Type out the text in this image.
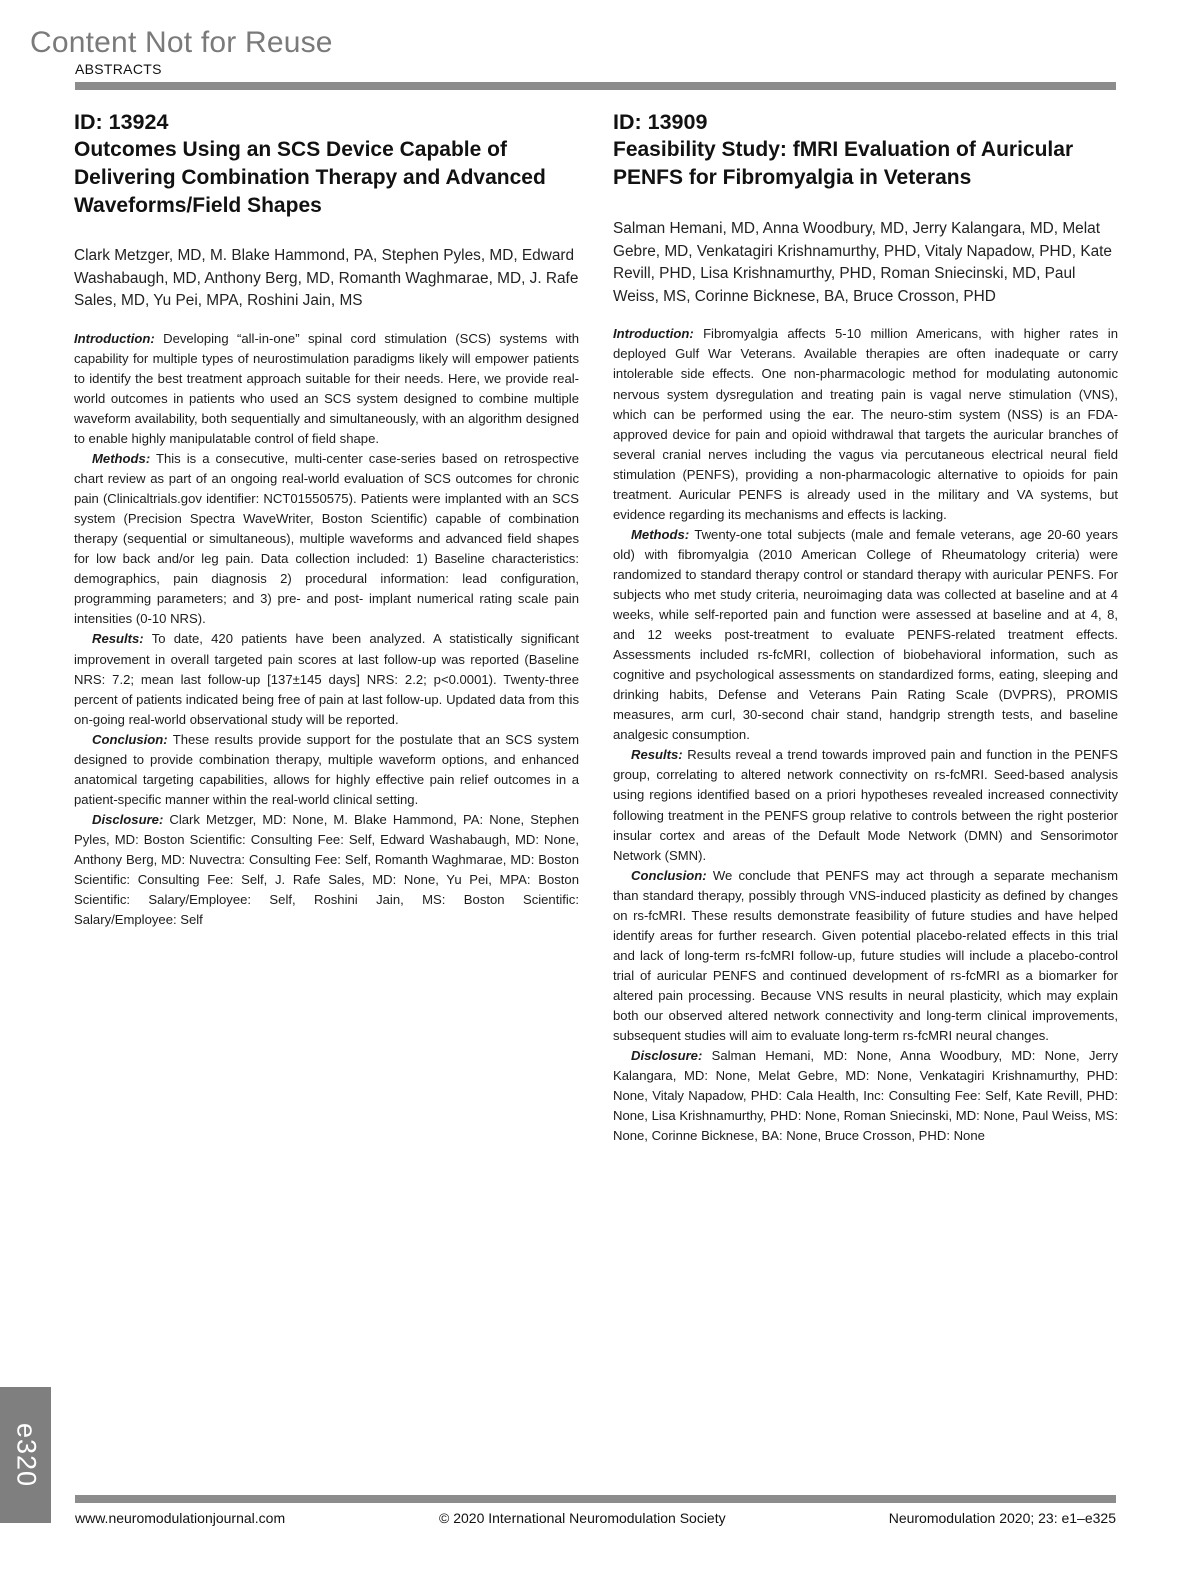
Content Not for Reuse
ABSTRACTS
ID: 13924
Outcomes Using an SCS Device Capable of Delivering Combination Therapy and Advanced Waveforms/Field Shapes

Clark Metzger, MD, M. Blake Hammond, PA, Stephen Pyles, MD, Edward Washabaugh, MD, Anthony Berg, MD, Romanth Waghmarae, MD, J. Rafe Sales, MD, Yu Pei, MPA, Roshini Jain, MS

Introduction: Developing “all-in-one” spinal cord stimulation (SCS) systems with capability for multiple types of neurostimulation paradigms likely will empower patients to identify the best treatment approach suitable for their needs. Here, we provide real-world outcomes in patients who used an SCS system designed to combine multiple waveform availability, both sequentially and simultaneously, with an algorithm designed to enable highly manipulatable control of field shape.

Methods: This is a consecutive, multi-center case-series based on retrospective chart review as part of an ongoing real-world evaluation of SCS outcomes for chronic pain (Clinicaltrials.gov identifier: NCT01550575). Patients were implanted with an SCS system (Precision Spectra WaveWriter, Boston Scientific) capable of combination therapy (sequential or simultaneous), multiple waveforms and advanced field shapes for low back and/or leg pain. Data collection included: 1) Baseline characteristics: demographics, pain diagnosis 2) procedural information: lead configuration, programming parameters; and 3) pre- and post- implant numerical rating scale pain intensities (0-10 NRS).

Results: To date, 420 patients have been analyzed. A statistically significant improvement in overall targeted pain scores at last follow-up was reported (Baseline NRS: 7.2; mean last follow-up [137±145 days] NRS: 2.2; p<0.0001). Twenty-three percent of patients indicated being free of pain at last follow-up. Updated data from this on-going real-world observational study will be reported.

Conclusion: These results provide support for the postulate that an SCS system designed to provide combination therapy, multiple waveform options, and enhanced anatomical targeting capabilities, allows for highly effective pain relief outcomes in a patient-specific manner within the real-world clinical setting.

Disclosure: Clark Metzger, MD: None, M. Blake Hammond, PA: None, Stephen Pyles, MD: Boston Scientific: Consulting Fee: Self, Edward Washabaugh, MD: None, Anthony Berg, MD: Nuvectra: Consulting Fee: Self, Romanth Waghmarae, MD: Boston Scientific: Consulting Fee: Self, J. Rafe Sales, MD: None, Yu Pei, MPA: Boston Scientific: Salary/Employee: Self, Roshini Jain, MS: Boston Scientific: Salary/Employee: Self

ID: 13909
Feasibility Study: fMRI Evaluation of Auricular PENFS for Fibromyalgia in Veterans

Salman Hemani, MD, Anna Woodbury, MD, Jerry Kalangara, MD, Melat Gebre, MD, Venkatagiri Krishnamurthy, PHD, Vitaly Napadow, PHD, Kate Revill, PHD, Lisa Krishnamurthy, PHD, Roman Sniecinski, MD, Paul Weiss, MS, Corinne Bicknese, BA, Bruce Crosson, PHD

Introduction: Fibromyalgia affects 5-10 million Americans, with higher rates in deployed Gulf War Veterans. Available therapies are often inadequate or carry intolerable side effects. One non-pharmacologic method for modulating autonomic nervous system dysregulation and treating pain is vagal nerve stimulation (VNS), which can be performed using the ear. The neuro-stim system (NSS) is an FDA-approved device for pain and opioid withdrawal that targets the auricular branches of several cranial nerves including the vagus via percutaneous electrical neural field stimulation (PENFS), providing a non-pharmacologic alternative to opioids for pain treatment. Auricular PENFS is already used in the military and VA systems, but evidence regarding its mechanisms and effects is lacking.

Methods: Twenty-one total subjects (male and female veterans, age 20-60 years old) with fibromyalgia (2010 American College of Rheumatology criteria) were randomized to standard therapy control or standard therapy with auricular PENFS. For subjects who met study criteria, neuroimaging data was collected at baseline and at 4 weeks, while self-reported pain and function were assessed at baseline and at 4, 8, and 12 weeks post-treatment to evaluate PENFS-related treatment effects. Assessments included rs-fcMRI, collection of biobehavioral information, such as cognitive and psychological assessments on standardized forms, eating, sleeping and drinking habits, Defense and Veterans Pain Rating Scale (DVPRS), PROMIS measures, arm curl, 30-second chair stand, handgrip strength tests, and baseline analgesic consumption.

Results: Results reveal a trend towards improved pain and function in the PENFS group, correlating to altered network connectivity on rs-fcMRI. Seed-based analysis using regions identified based on a priori hypotheses revealed increased connectivity following treatment in the PENFS group relative to controls between the right posterior insular cortex and areas of the Default Mode Network (DMN) and Sensorimotor Network (SMN).

Conclusion: We conclude that PENFS may act through a separate mechanism than standard therapy, possibly through VNS-induced plasticity as defined by changes on rs-fcMRI. These results demonstrate feasibility of future studies and have helped identify areas for further research. Given potential placebo-related effects in this trial and lack of long-term rs-fcMRI follow-up, future studies will include a placebo-control trial of auricular PENFS and continued development of rs-fcMRI as a biomarker for altered pain processing. Because VNS results in neural plasticity, which may explain both our observed altered network connectivity and long-term clinical improvements, subsequent studies will aim to evaluate long-term rs-fcMRI neural changes.

Disclosure: Salman Hemani, MD: None, Anna Woodbury, MD: None, Jerry Kalangara, MD: None, Melat Gebre, MD: None, Venkatagiri Krishnamurthy, PHD: None, Vitaly Napadow, PHD: Cala Health, Inc: Consulting Fee: Self, Kate Revill, PHD: None, Lisa Krishnamurthy, PHD: None, Roman Sniecinski, MD: None, Paul Weiss, MS: None, Corinne Bicknese, BA: None, Bruce Crosson, PHD: None

e320
www.neuromodulationjournal.com	© 2020 International Neuromodulation Society	Neuromodulation 2020; 23: e1–e325
